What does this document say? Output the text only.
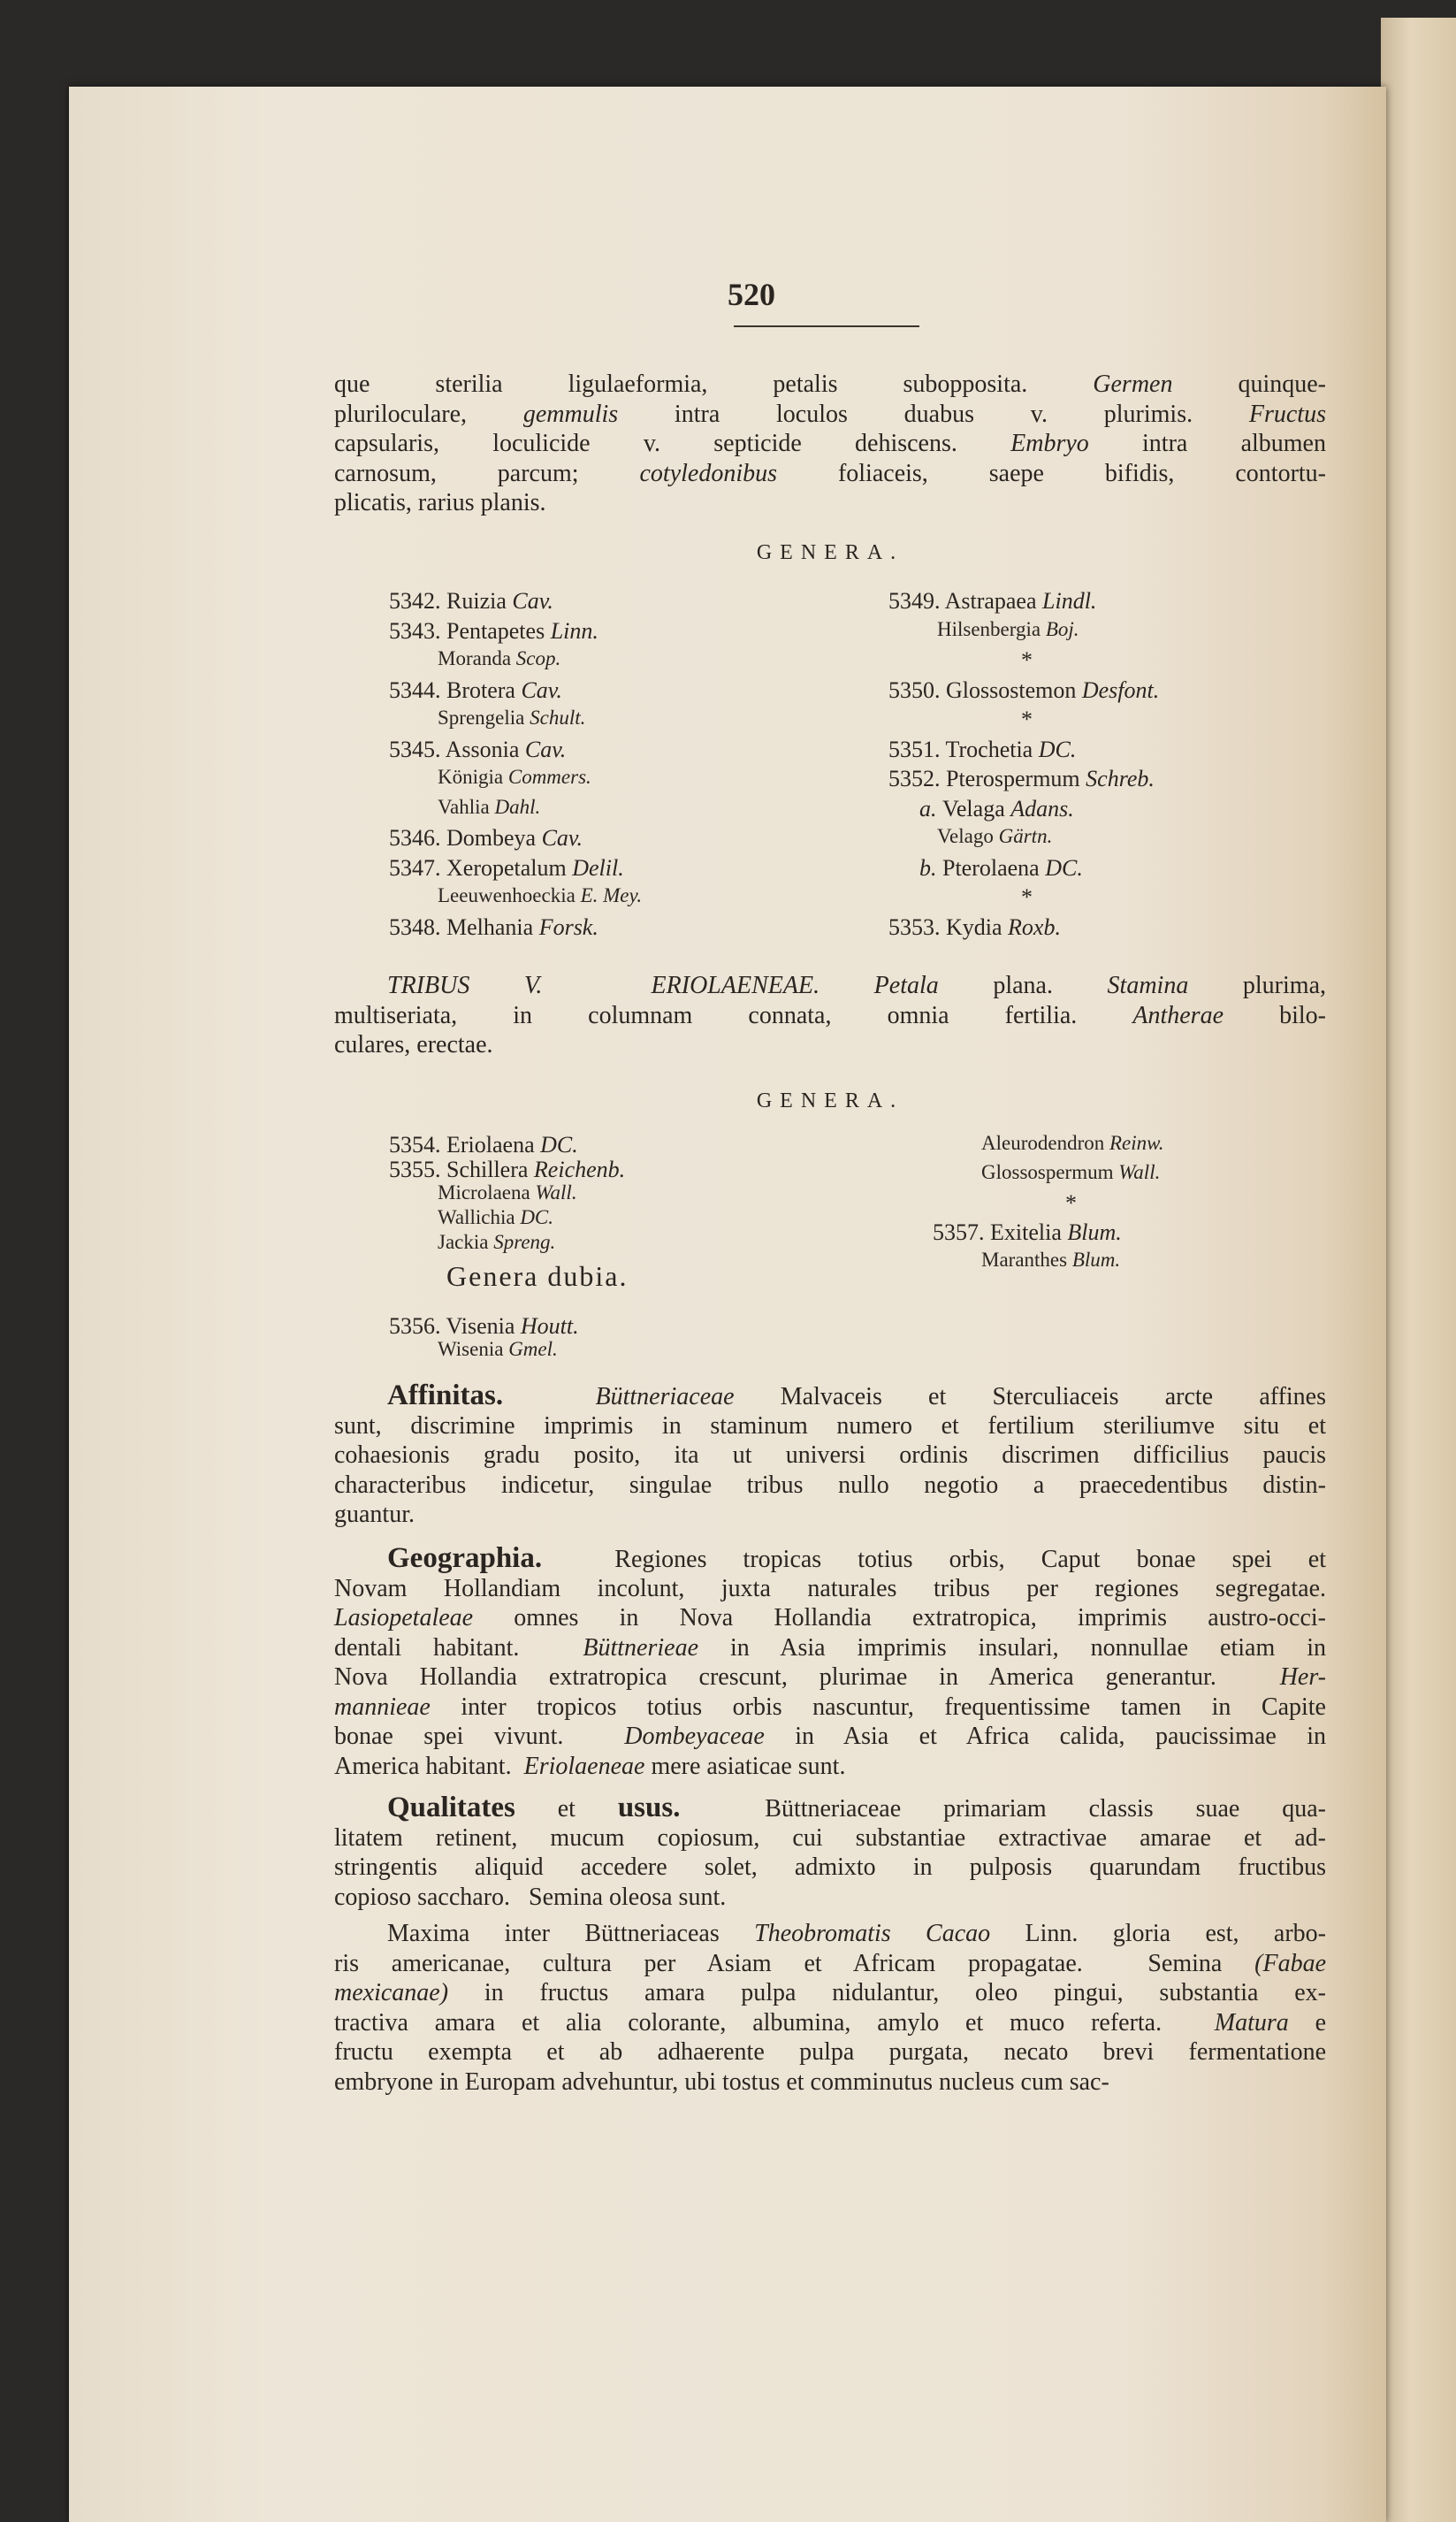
520
que sterilia ligulaeformia, petalis subopposita. Germen quinque-
pluriloculare, gemmulis intra loculos duabus v. plurimis. Fructus
capsularis, loculicide v. septicide dehiscens. Embryo intra albumen
carnosum, parcum; cotyledonibus foliaceis, saepe bifidis, contortu-
plicatis, rarius planis.
GENERA.
TRIBUS V.  ERIOLAENEAE. Petala plana. Stamina plurima,
multiseriata, in columnam connata, omnia fertilia. Antherae bilo-
culares, erectae.
GENERA.
Genera dubia.
Affinitas.	Büttneriaceae Malvaceis et Sterculiaceis arcte affines
sunt, discrimine imprimis in staminum numero et fertilium steriliumve situ et
cohaesionis gradu posito, ita ut universi ordinis discrimen difficilius paucis
characteribus indicetur, singulae tribus nullo negotio a praecedentibus distin-
guantur.
Geographia.  Regiones tropicas totius orbis, Caput bonae spei et
Novam Hollandiam incolunt, juxta naturales tribus per regiones segregatae.
Lasiopetaleae omnes in Nova Hollandia extratropica, imprimis austro-occi-
dentali habitant.  Büttnerieae in Asia imprimis insulari, nonnullae etiam in
Nova Hollandia extratropica crescunt, plurimae in America generantur.  Her-
mannieae inter tropicos totius orbis nascuntur, frequentissime tamen in Capite
bonae spei vivunt.  Dombeyaceae in Asia et Africa calida, paucissimae in
America habitant.  Eriolaeneae mere asiaticae sunt.
Qualitates et usus.  Büttneriaceae primariam classis suae qua-
litatem retinent, mucum copiosum, cui substantiae extractivae amarae et ad-
stringentis aliquid accedere solet, admixto in pulposis quarundam fructibus
copioso saccharo.   Semina oleosa sunt.
Maxima inter Büttneriaceas Theobromatis Cacao Linn. gloria est, arbo-
ris americanae, cultura per Asiam et Africam propagatae.  Semina (Fabae
mexicanae) in fructus amara pulpa nidulantur, oleo pingui, substantia ex-
tractiva amara et alia colorante, albumina, amylo et muco referta.  Matura e
fructu exempta et ab adhaerente pulpa purgata, necato brevi fermentatione
embryone in Europam advehuntur, ubi tostus et comminutus nucleus cum sac-
5342. Ruizia Cav.
5343. Pentapetes Linn.
Moranda Scop.
5344. Brotera Cav.
Sprengelia Schult.
5345. Assonia Cav.
Königia Commers.
Vahlia Dahl.
5346. Dombeya Cav.
5347. Xeropetalum Delil.
Leeuwenhoeckia E. Mey.
5348. Melhania Forsk.
5349. Astrapaea Lindl.
Hilsenbergia Boj.
*
5350. Glossostemon Desfont.
*
5351. Trochetia DC.
5352. Pterospermum Schreb.
a. Velaga Adans.
Velago Gärtn.
b. Pterolaena DC.
*
5353. Kydia Roxb.
5354. Eriolaena DC.
5355. Schillera Reichenb.
Microlaena Wall.
Wallichia DC.
Jackia Spreng.
5356. Visenia Houtt.
Wisenia Gmel.
Aleurodendron Reinw.
Glossospermum Wall.
*
5357. Exitelia Blum.
Maranthes Blum.
